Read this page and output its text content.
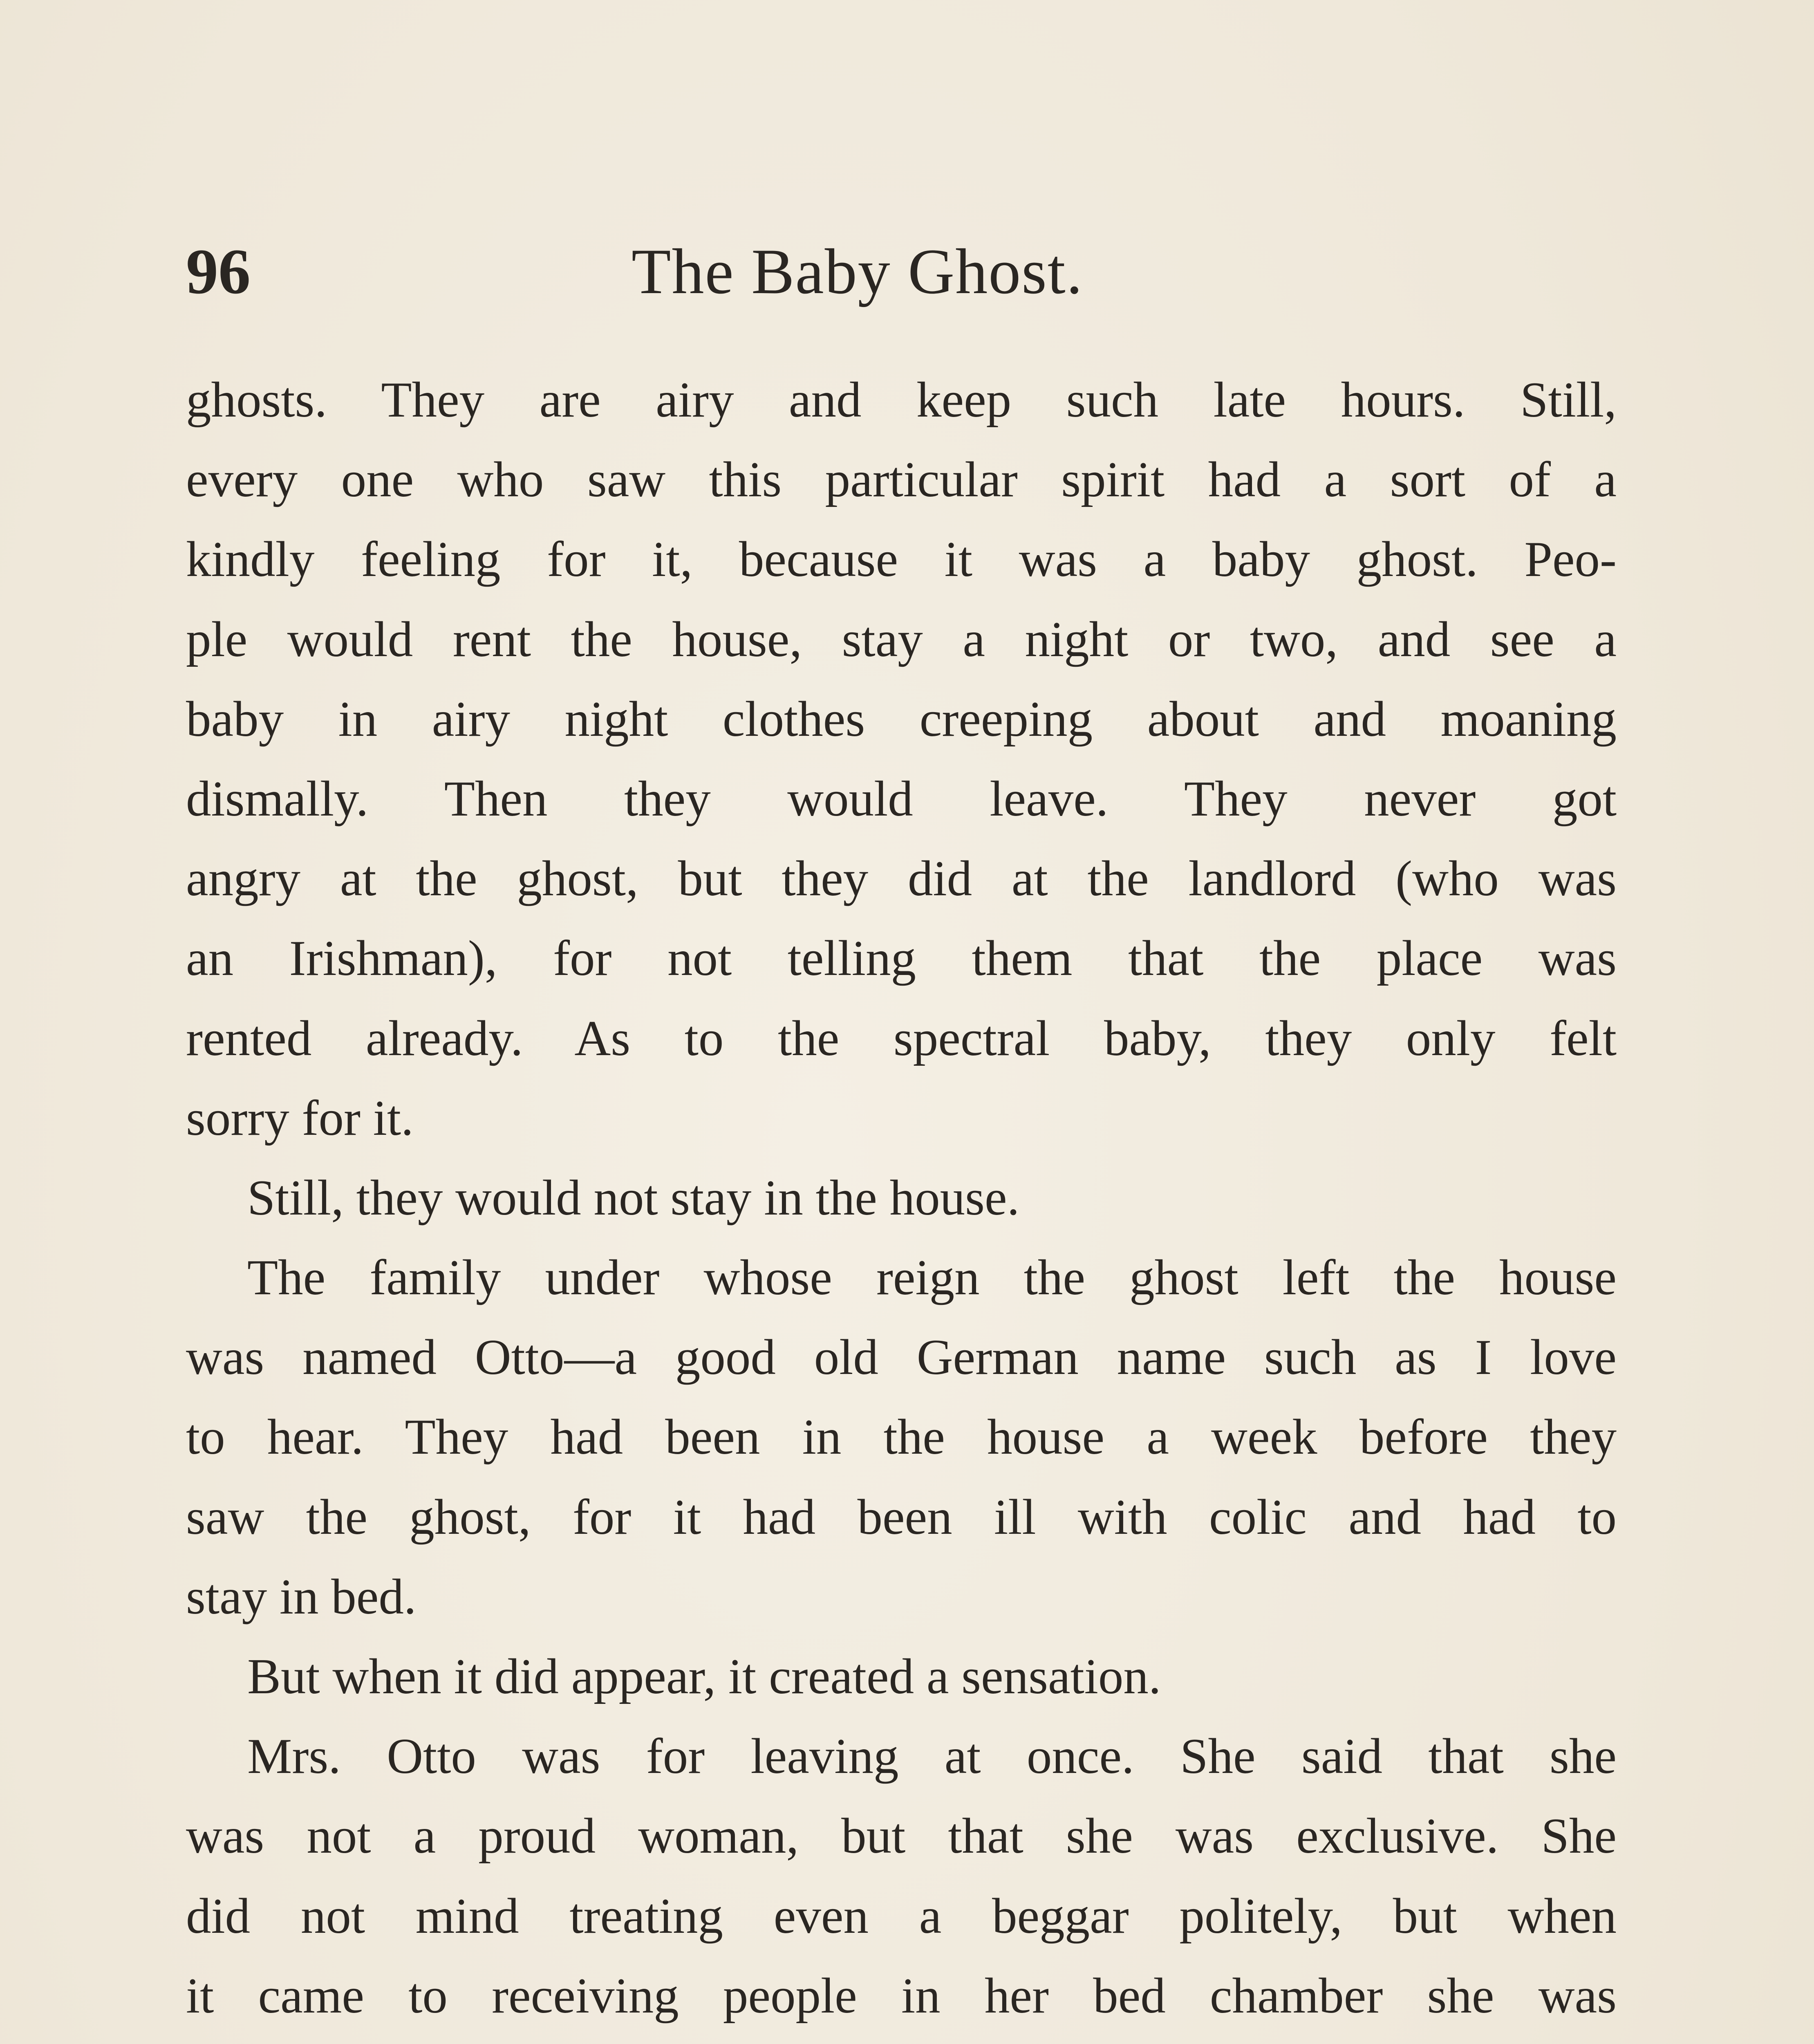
96	The Baby Ghost.
ghosts. They are airy and keep such late hours. Still,
every one who saw this particular spirit had a sort of a
kindly feeling for it, because it was a baby ghost. Peo-
ple would rent the house, stay a night or two, and see a
baby in airy night clothes creeping about and moaning
dismally. Then they would leave. They never got
angry at the ghost, but they did at the landlord (who was
an Irishman), for not telling them that the place was
rented already. As to the spectral baby, they only felt
sorry for it.
Still, they would not stay in the house.
The family under whose reign the ghost left the house
was named Otto—a good old German name such as I love
to hear. They had been in the house a week before they
saw the ghost, for it had been ill with colic and had to
stay in bed.
But when it did appear, it created a sensation.
Mrs. Otto was for leaving at once. She said that she
was not a proud woman, but that she was exclusive. She
did not mind treating even a beggar politely, but when
it came to receiving people in her bed chamber she was
